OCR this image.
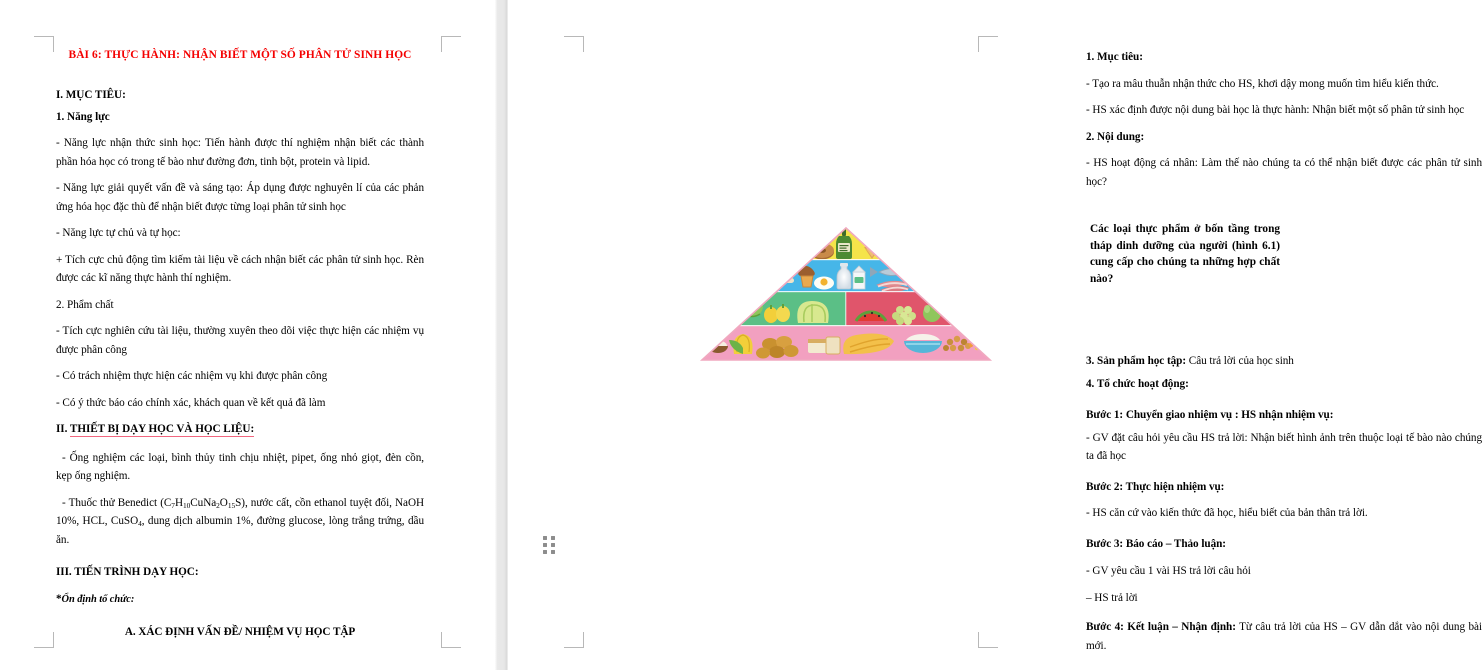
BÀI 6: THỰC HÀNH: NHẬN BIẾT MỘT SỐ PHÂN TỬ SINH HỌC

I. MỤC TIÊU:

1. Năng lực

- Năng lực nhận thức sinh học: Tiến hành được thí nghiệm nhận biết các thành phần hóa học có trong tế bào như đường đơn, tinh bột, protein và lipid.

- Năng lực giải quyết vấn đề và sáng tạo: Áp dụng được nghuyên lí của các phản ứng hóa học đặc thù để nhận biết được từng loại phân tử sinh học

- Năng lực tự chủ và tự học:

+ Tích cực chủ động tìm kiếm tài liệu về cách nhận biết các phân tử sinh học. Rèn được các kĩ năng thực hành thí nghiệm.

2. Phẩm chất

- Tích cực nghiên cứu tài liệu, thường xuyên theo dõi việc thực hiện các nhiệm vụ được phân công

- Có trách nhiệm thực hiện các nhiệm vụ khi được phân công

- Có ý thức báo cáo chính xác, khách quan về kết quả đã làm

II. THIẾT BỊ DẠY HỌC VÀ HỌC LIỆU:

- Ống nghiệm các loại, bình thủy tinh chịu nhiệt, pipet, ống nhỏ giọt, đèn cồn, kẹp ống nghiệm.

- Thuốc thử Benedict $(C_7H_{10}CuNa_2O_{15}S)$, nước cất, cồn ethanol tuyệt đối, NaOH 10%, HCL, CuSO$_4$, dung dịch albumin 1%, đường glucose, lòng trắng trứng, dầu ăn.

III. TIẾN TRÌNH DẠY HỌC:

*Ổn định tổ chức:

A. XÁC ĐỊNH VẤN ĐỀ/ NHIỆM VỤ HỌC TẬP

1. Mục tiêu:

- Tạo ra mâu thuẫn nhận thức cho HS, khơi dậy mong muốn tìm hiểu kiến thức.

- HS xác định được nội dung bài học là thực hành: Nhận biết một số phân tử sinh học

2. Nội dung:

- HS hoạt động cá nhân: Làm thế nào chúng ta có thể nhận biết được các phân tử sinh học?

3. Sản phẩm học tập: Câu trả lời của học sinh

4. Tổ chức hoạt động:

Bước 1: Chuyển giao nhiệm vụ : HS nhận nhiệm vụ:

- GV đặt câu hỏi yêu cầu HS trả lời: Nhận biết hình ảnh trên thuộc loại tế bào nào chúng ta đã học

Bước 2: Thực hiện nhiệm vụ:

- HS căn cứ vào kiến thức đã học, hiểu biết của bản thân trả lời.

Bước 3: Báo cáo – Thảo luận:

- GV yêu cầu 1 vài HS trả lời câu hỏi

– HS trả lời

Bước 4: Kết luận – Nhận định: Từ câu trả lời của HS – GV dẫn dắt vào nội dung bài mới.

Các loại thực phẩm ở bốn tầng trong tháp dinh dưỡng của người (hình 6.1) cung cấp cho chúng ta những hợp chất nào?
